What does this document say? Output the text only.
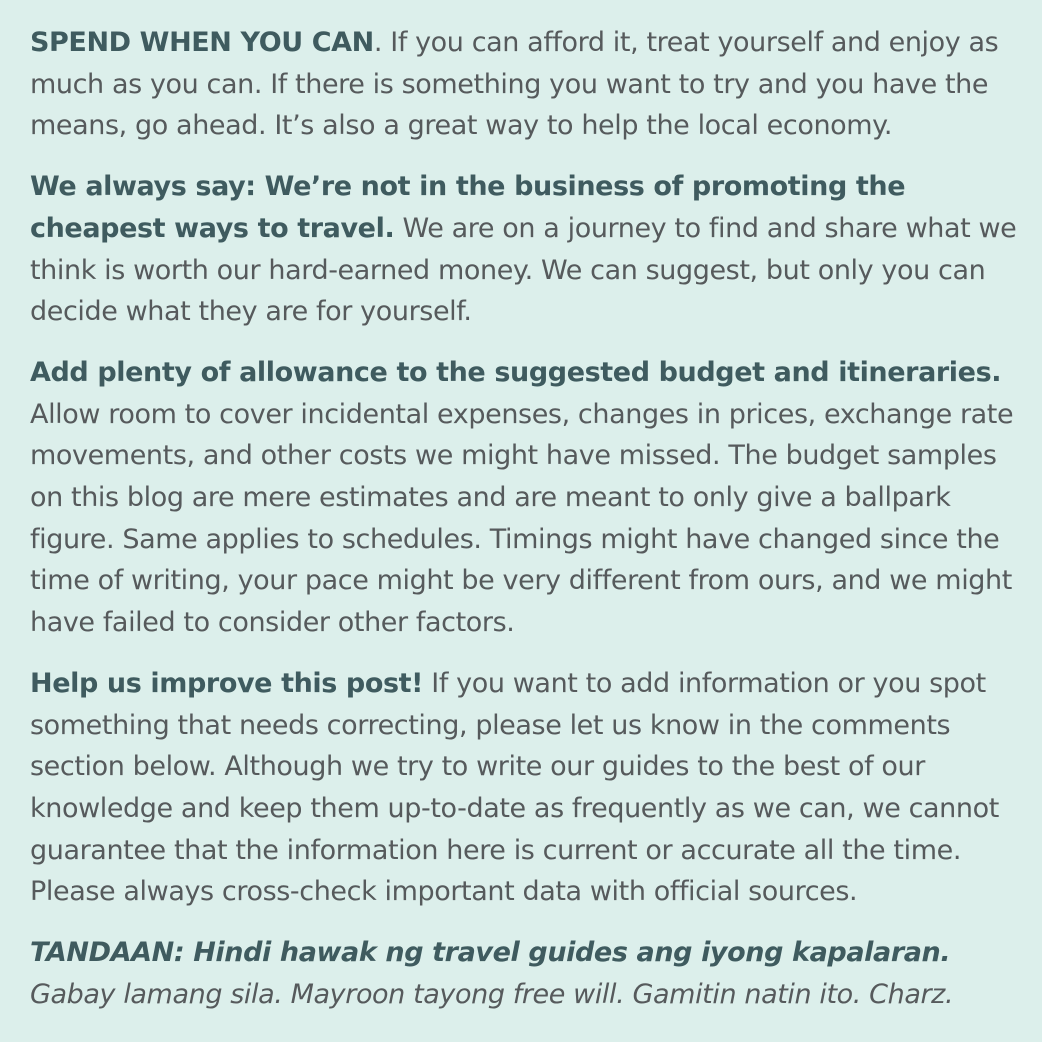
SPEND WHEN YOU CAN. If you can afford it, treat yourself and enjoy as much as you can. If there is something you want to try and you have the means, go ahead. It’s also a great way to help the local economy.

We always say: We’re not in the business of promoting the cheapest ways to travel. We are on a journey to find and share what we think is worth our hard-earned money. We can suggest, but only you can decide what they are for yourself.

Add plenty of allowance to the suggested budget and itineraries. Allow room to cover incidental expenses, changes in prices, exchange rate movements, and other costs we might have missed. The budget samples on this blog are mere estimates and are meant to only give a ballpark figure. Same applies to schedules. Timings might have changed since the time of writing, your pace might be very different from ours, and we might have failed to consider other factors.

Help us improve this post! If you want to add information or you spot something that needs correcting, please let us know in the comments section below. Although we try to write our guides to the best of our knowledge and keep them up-to-date as frequently as we can, we cannot guarantee that the information here is current or accurate all the time. Please always cross-check important data with official sources.

TANDAAN: Hindi hawak ng travel guides ang iyong kapalaran. Gabay lamang sila. Mayroon tayong free will. Gamitin natin ito. Charz.
